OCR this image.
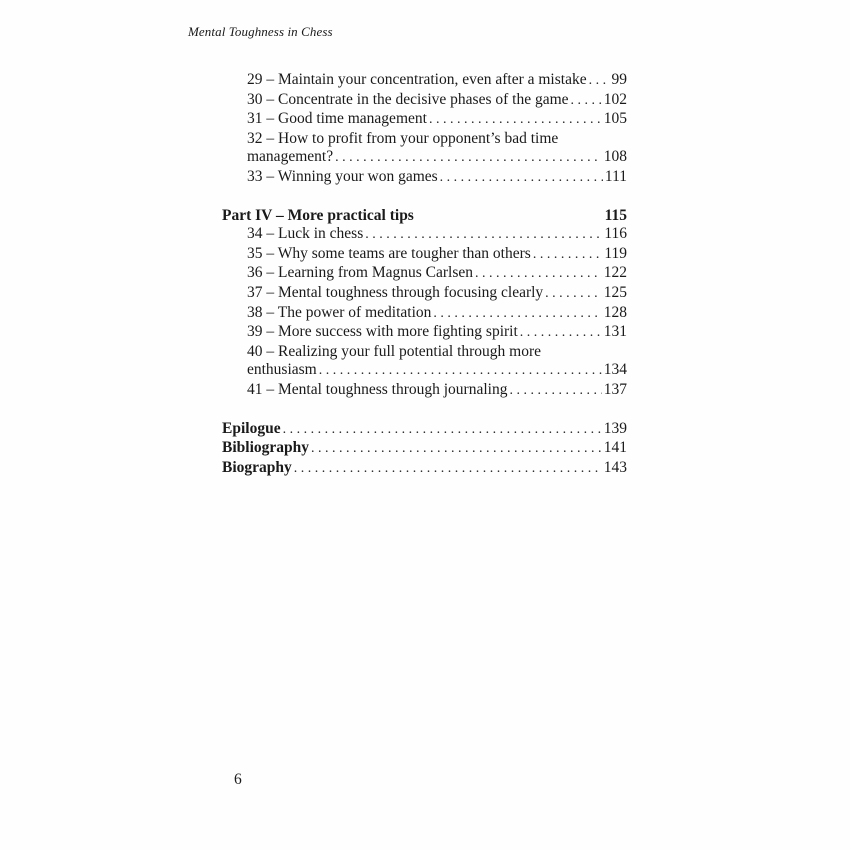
Mental Toughness in Chess
29 – Maintain your concentration, even after a mistake . . . 99
30 – Concentrate in the decisive phases of the game . . . 102
31 – Good time management . . .	105
32 – How to profit from your opponent’s bad time
management? . . .	108
33 – Winning your won games . . .	111
Part IV – More practical tips	115
34 – Luck in chess . . .	116
35 – Why some teams are tougher than others . . .	119
36 – Learning from Magnus Carlsen . . .	122
37 – Mental toughness through focusing clearly . . .	125
38 – The power of meditation . . .	128
39 – More success with more fighting spirit . . .	131
40 – Realizing your full potential through more
enthusiasm . . .	134
41 – Mental toughness through journaling . . .	137
Epilogue . . .	139
Bibliography . . .	141
Biography . . .	143
6
